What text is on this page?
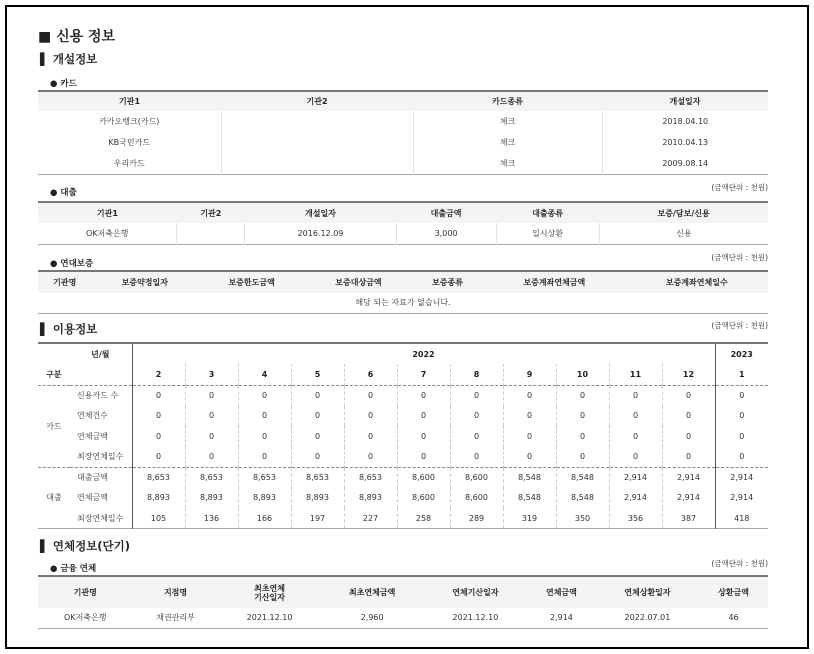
■ 신용 정보
▌ 개설정보
● 카드
기관1	기관2	카드종류	개설일자
카카오뱅크(카드)		체크	2018.04.10
KB국민카드		체크	2010.04.13
우리카드		체크	2009.08.14
● 대출
(금액단위 : 천원)
기관1	기관2	개설일자	대출금액	대출종류	보증/담보/신용
OK저축은행		2016.12.09	3,000	일시상환	신용
● 연대보증
(금액단위 : 천원)
기관명	보증약정일자	보증한도금액	보증대상금액	보증종류	보증계좌연체금액	보증계좌연체일수
해당 되는 자료가 없습니다.
▌ 이용정보	(금액단위 : 천원)
년/월		2022											2023
구분		2	3	4	5	6	7	8	9	10	11	12	1
카드	신용카드 수	0	0	0	0	0	0	0	0	0	0	0	0
	연체건수	0	0	0	0	0	0	0	0	0	0	0	0
	연체금액	0	0	0	0	0	0	0	0	0	0	0	0
	최장연체일수	0	0	0	0	0	0	0	0	0	0	0	0
대출	대출금액	8,653	8,653	8,653	8,653	8,653	8,600	8,600	8,548	8,548	2,914	2,914	2,914
	연체금액	8,893	8,893	8,893	8,893	8,893	8,600	8,600	8,548	8,548	2,914	2,914	2,914
	최장연체일수	105	136	166	197	227	258	289	319	350	356	387	418
▌ 연체정보(단기)
● 금융 연체
(금액단위 : 천원)
기관명	지점명	최초연체
기산일자	최초연체금액	연체기산일자	연체금액	연체상환일자	상환금액
OK저축은행	채권관리부	2021.12.10	2,960	2021.12.10	2,914	2022.07.01	46
